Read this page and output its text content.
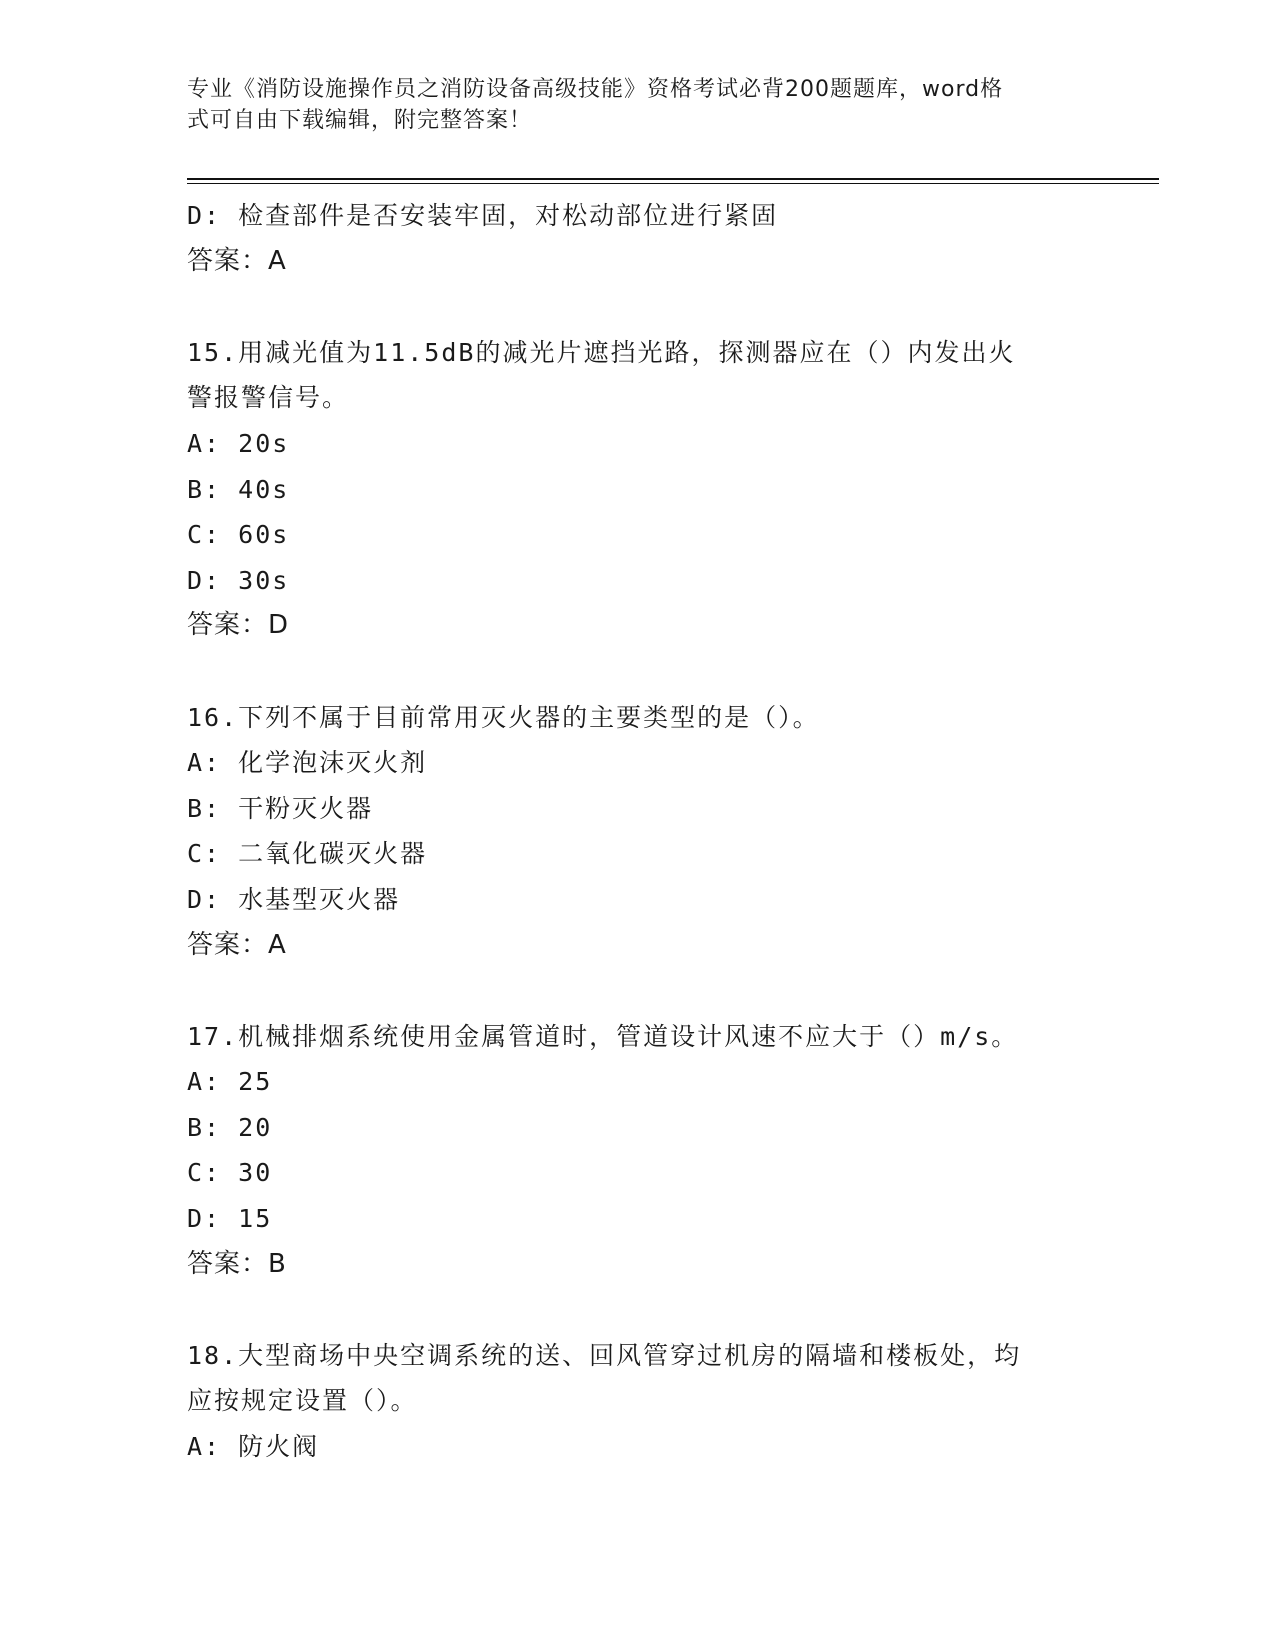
专业《消防设施操作员之消防设备高级技能》资格考试必背200题题库，word格
式可自由下载编辑，附完整答案！
D: 检查部件是否安装牢固，对松动部位进行紧固
答案：A
15.用减光值为11.5dB的减光片遮挡光路，探测器应在（）内发出火
警报警信号。
A: 20s
B: 40s
C: 60s
D: 30s
答案：D
16.下列不属于目前常用灭火器的主要类型的是（）。
A: 化学泡沫灭火剂
B: 干粉灭火器
C: 二氧化碳灭火器
D: 水基型灭火器
答案：A
17.机械排烟系统使用金属管道时，管道设计风速不应大于（）m/s。
A: 25
B: 20
C: 30
D: 15
答案：B
18.大型商场中央空调系统的送、回风管穿过机房的隔墙和楼板处，均
应按规定设置（）。
A: 防火阀
